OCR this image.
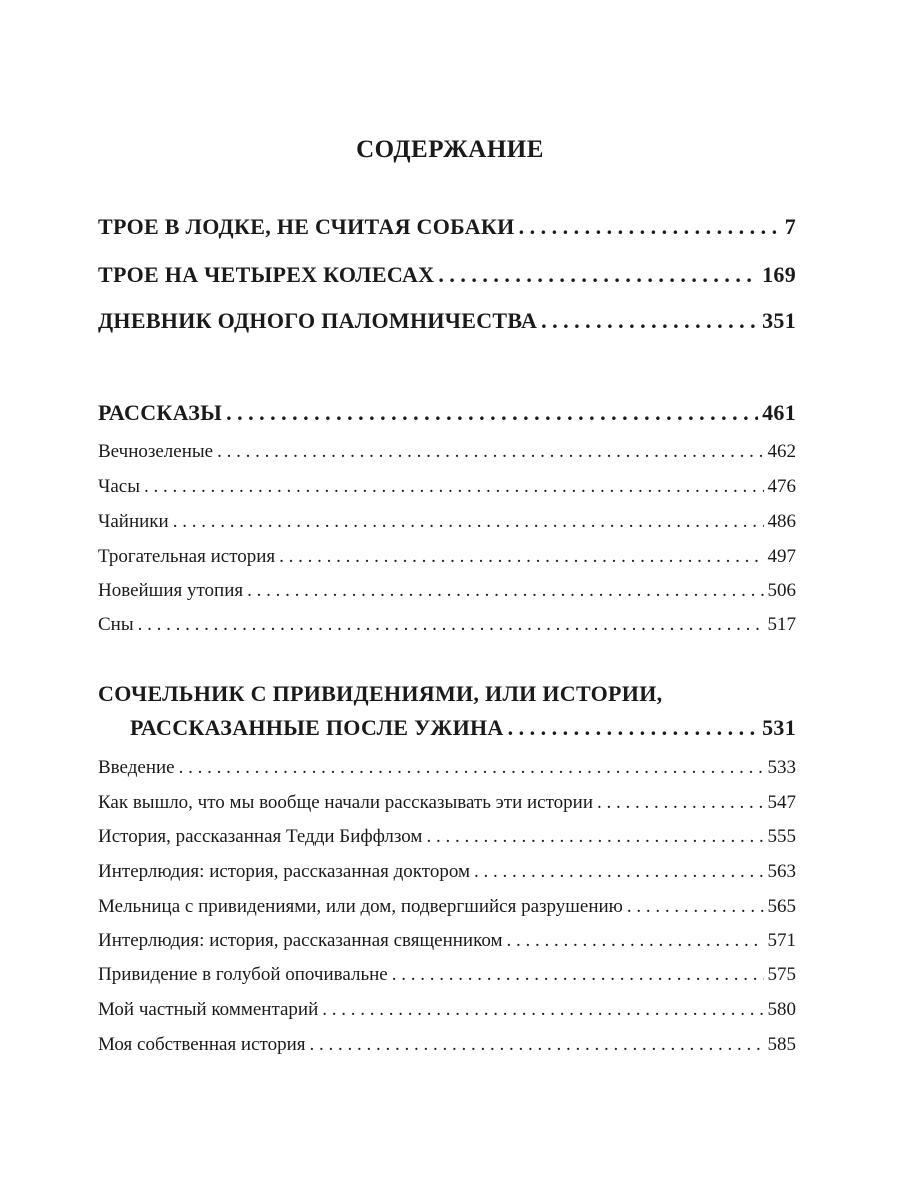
СОДЕРЖАНИЕ
ТРОЕ В ЛОДКЕ, НЕ СЧИТАЯ СОБАКИ . . .	7
ТРОЕ НА ЧЕТЫРЕХ КОЛЕСАХ . . .	169
ДНЕВНИК ОДНОГО ПАЛОМНИЧЕСТВА . . .	351
РАССКАЗЫ . . .	461
Вечнозеленые . . .	462
Часы . . .	476
Чайники . . .	486
Трогательная история . . .	497
Новейшия утопия . . .	506
Сны . . .	517
СОЧЕЛЬНИК С ПРИВИДЕНИЯМИ, ИЛИ ИСТОРИИ,
РАССКАЗАННЫЕ ПОСЛЕ УЖИНА . . .	531
Введение . . .	533
Как вышло, что мы вообще начали рассказывать эти истории . . .	547
История, рассказанная Тедди Биффлзом . . .	555
Интерлюдия: история, рассказанная доктором . . .	563
Мельница с привидениями, или дом, подвергшийся разрушению . . .	565
Интерлюдия: история, рассказанная священником . . .	571
Привидение в голубой опочивальне . . .	575
Мой частный комментарий . . .	580
Моя собственная история . . .	585
